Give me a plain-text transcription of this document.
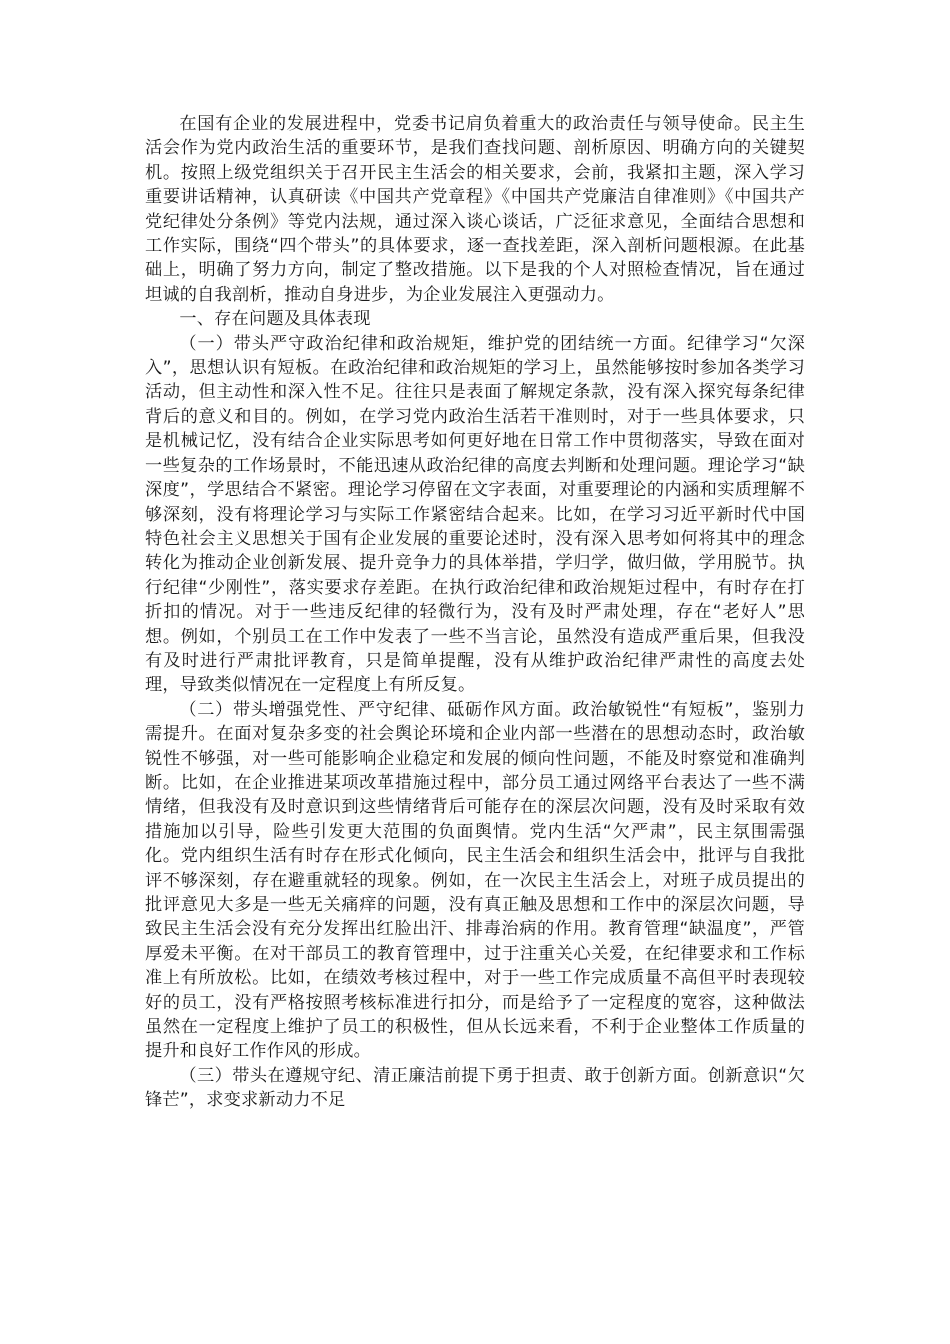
在国有企业的发展进程中，党委书记肩负着重大的政治责任与领导使命。民主生活会作为党内政治生活的重要环节，是我们查找问题、剖析原因、明确方向的关键契机。按照上级党组织关于召开民主生活会的相关要求，会前，我紧扣主题，深入学习重要讲话精神，认真研读《中国共产党章程》《中国共产党廉洁自律准则》《中国共产党纪律处分条例》等党内法规，通过深入谈心谈话，广泛征求意见，全面结合思想和工作实际，围绕“四个带头”的具体要求，逐一查找差距，深入剖析问题根源。在此基础上，明确了努力方向，制定了整改措施。以下是我的个人对照检查情况，旨在通过坦诚的自我剖析，推动自身进步，为企业发展注入更强动力。

一、存在问题及具体表现

（一）带头严守政治纪律和政治规矩，维护党的团结统一方面。纪律学习“欠深入”，思想认识有短板。在政治纪律和政治规矩的学习上，虽然能够按时参加各类学习活动，但主动性和深入性不足。往往只是表面了解规定条款，没有深入探究每条纪律背后的意义和目的。例如，在学习党内政治生活若干准则时，对于一些具体要求，只是机械记忆，没有结合企业实际思考如何更好地在日常工作中贯彻落实，导致在面对一些复杂的工作场景时，不能迅速从政治纪律的高度去判断和处理问题。理论学习“缺深度”，学思结合不紧密。理论学习停留在文字表面，对重要理论的内涵和实质理解不够深刻，没有将理论学习与实际工作紧密结合起来。比如，在学习习近平新时代中国特色社会主义思想关于国有企业发展的重要论述时，没有深入思考如何将其中的理念转化为推动企业创新发展、提升竞争力的具体举措，学归学，做归做，学用脱节。执行纪律“少刚性”，落实要求存差距。在执行政治纪律和政治规矩过程中，有时存在打折扣的情况。对于一些违反纪律的轻微行为，没有及时严肃处理，存在“老好人”思想。例如，个别员工在工作中发表了一些不当言论，虽然没有造成严重后果，但我没有及时进行严肃批评教育，只是简单提醒，没有从维护政治纪律严肃性的高度去处理，导致类似情况在一定程度上有所反复。

（二）带头增强党性、严守纪律、砥砺作风方面。政治敏锐性“有短板”，鉴别力需提升。在面对复杂多变的社会舆论环境和企业内部一些潜在的思想动态时，政治敏锐性不够强，对一些可能影响企业稳定和发展的倾向性问题，不能及时察觉和准确判断。比如，在企业推进某项改革措施过程中，部分员工通过网络平台表达了一些不满情绪，但我没有及时意识到这些情绪背后可能存在的深层次问题，没有及时采取有效措施加以引导，险些引发更大范围的负面舆情。党内生活“欠严肃”，民主氛围需强化。党内组织生活有时存在形式化倾向，民主生活会和组织生活会中，批评与自我批评不够深刻，存在避重就轻的现象。例如，在一次民主生活会上，对班子成员提出的批评意见大多是一些无关痛痒的问题，没有真正触及思想和工作中的深层次问题，导致民主生活会没有充分发挥出红脸出汗、排毒治病的作用。教育管理“缺温度”，严管厚爱未平衡。在对干部员工的教育管理中，过于注重关心关爱，在纪律要求和工作标准上有所放松。比如，在绩效考核过程中，对于一些工作完成质量不高但平时表现较好的员工，没有严格按照考核标准进行扣分，而是给予了一定程度的宽容，这种做法虽然在一定程度上维护了员工的积极性，但从长远来看，不利于企业整体工作质量的提升和良好工作作风的形成。

（三）带头在遵规守纪、清正廉洁前提下勇于担责、敢于创新方面。创新意识“欠锋芒”，求变求新动力不足
